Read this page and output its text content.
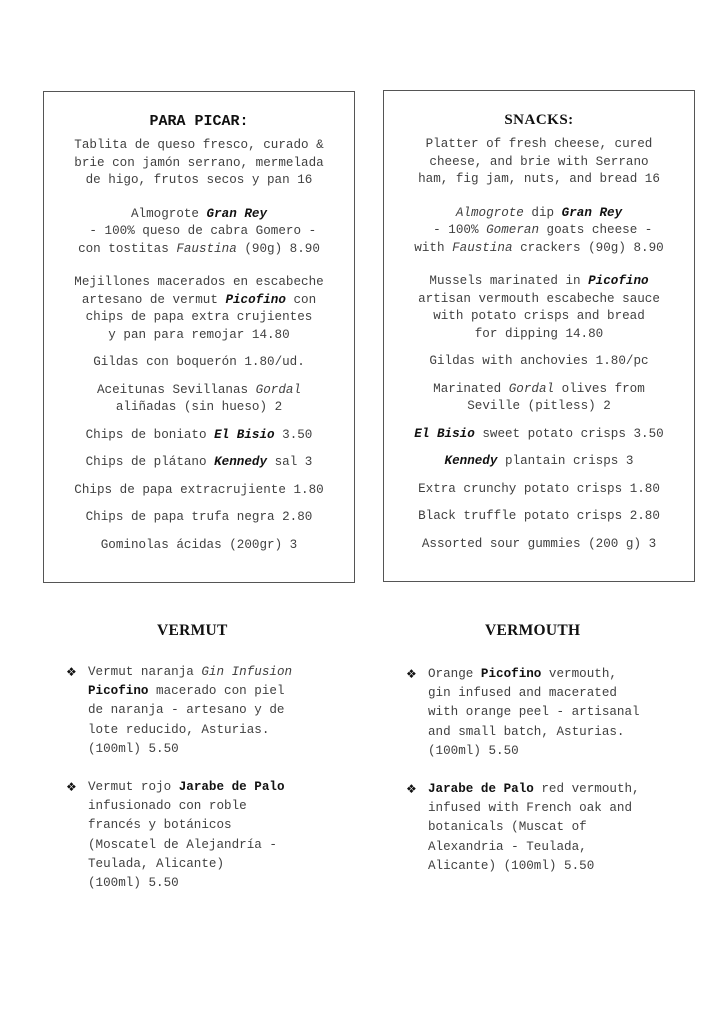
PARA PICAR:
Tablita de queso fresco, curado &
brie con jamón serrano, mermelada
de higo, frutos secos y pan 16
Almogrote Gran Rey
- 100% queso de cabra Gomero -
con tostitas Faustina (90g) 8.90
Mejillones macerados en escabeche
artesano de vermut Picofino con
chips de papa extra crujientes
y pan para remojar 14.80
Gildas con boquerón 1.80/ud.
Aceitunas Sevillanas Gordal
aliñadas (sin hueso) 2
Chips de boniato El Bisio 3.50
Chips de plátano Kennedy sal 3
Chips de papa extracrujiente 1.80
Chips de papa trufa negra 2.80
Gominolas ácidas (200gr) 3
SNACKS:
Platter of fresh cheese, cured
cheese, and brie with Serrano
ham, fig jam, nuts, and bread 16
Almogrote dip Gran Rey
- 100% Gomeran goats cheese -
with Faustina crackers (90g) 8.90
Mussels marinated in Picofino
artisan vermouth escabeche sauce
with potato crisps and bread
for dipping 14.80
Gildas with anchovies 1.80/pc
Marinated Gordal olives from
Seville (pitless) 2
El Bisio sweet potato crisps 3.50
Kennedy plantain crisps 3
Extra crunchy potato crisps 1.80
Black truffle potato crisps 2.80
Assorted sour gummies (200 g) 3
VERMUT
❖ Vermut naranja Gin Infusion
Picofino macerado con piel
de naranja - artesano y de
lote reducido, Asturias.
(100ml) 5.50
❖ Vermut rojo Jarabe de Palo
infusionado con roble
francés y botánicos
(Moscatel de Alejandría -
Teulada, Alicante)
(100ml) 5.50
VERMOUTH
❖ Orange Picofino vermouth,
gin infused and macerated
with orange peel - artisanal
and small batch, Asturias.
(100ml) 5.50
❖ Jarabe de Palo red vermouth,
infused with French oak and
botanicals (Muscat of
Alexandria - Teulada,
Alicante) (100ml) 5.50
